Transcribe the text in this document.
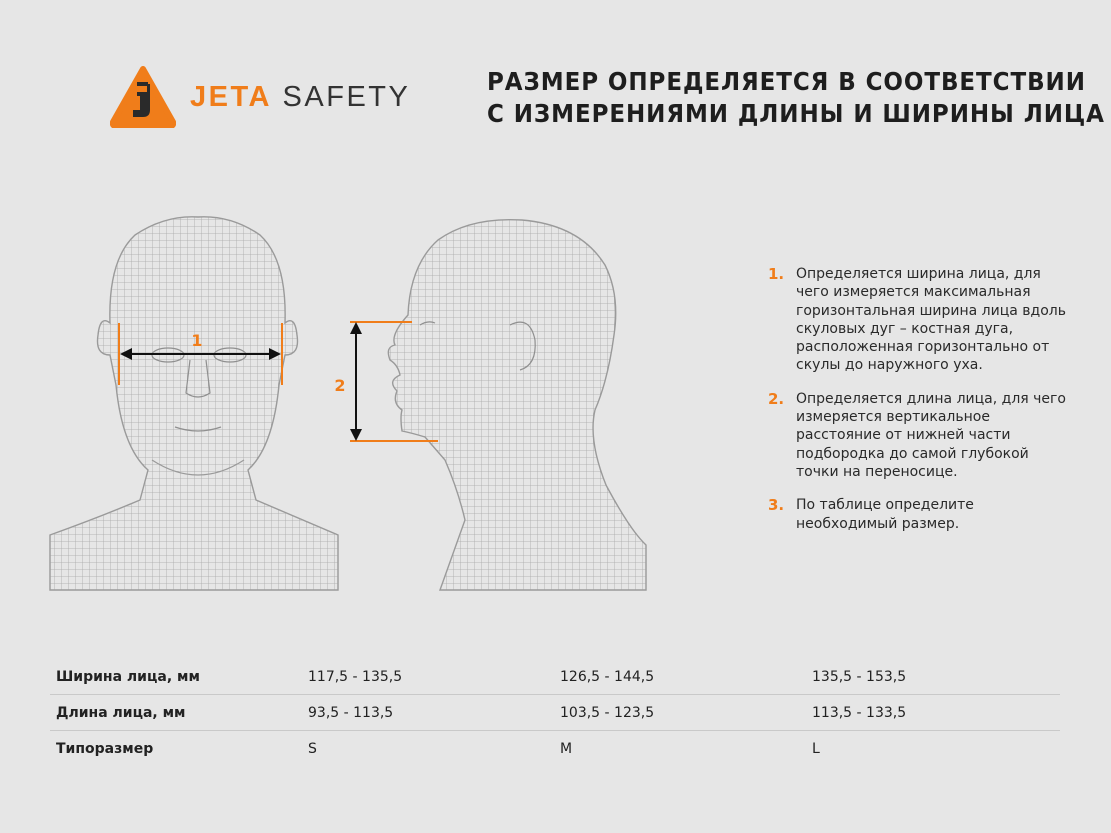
JETA SAFETY	РАЗМЕР ОПРЕДЕЛЯЕТСЯ В СООТВЕТСТВИИ
С ИЗМЕРЕНИЯМИ ДЛИНЫ И ШИРИНЫ ЛИЦА
1
2
1. Определяется ширина лица, для чего измеряется максимальная горизонтальная ширина лица вдоль скуловых дуг – костная дуга, расположенная горизонтально от скулы до наружного уха.
2. Определяется длина лица, для чего измеряется вертикальное расстояние от нижней части подбородка до самой глубокой точки на переносице.
3. По таблице определите необходимый размер.
Ширина лица, мм	117,5 - 135,5	126,5 - 144,5	135,5 - 153,5
Длина лица, мм	93,5 - 113,5	103,5 - 123,5	113,5 - 133,5
Типоразмер	S	M	L
